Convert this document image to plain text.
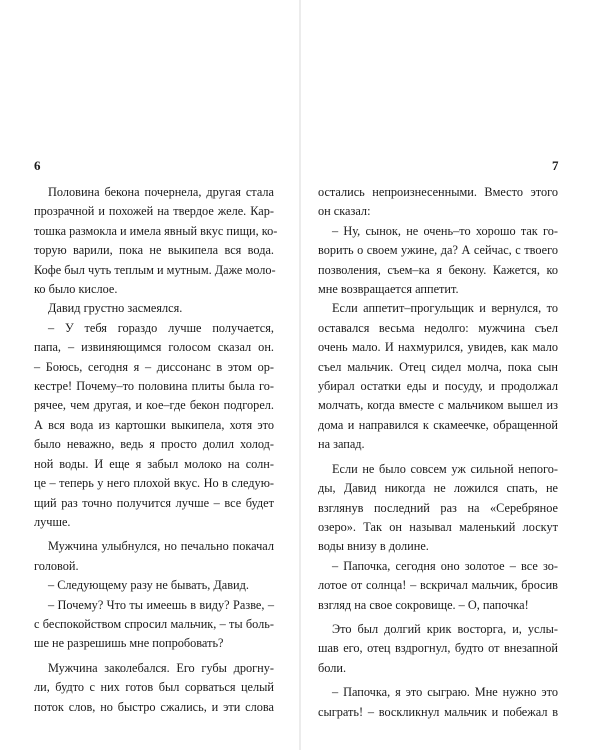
6	7
Половина бекона почернела, другая стала
прозрачной и похожей на твердое желе. Кар-
тошка размокла и имела явный вкус пищи, ко-
торую варили, пока не выкипела вся вода.
Кофе был чуть теплым и мутным. Даже моло-
ко было кислое.
Давид грустно засмеялся.
– У тебя гораздо лучше получается,
папа, – извиняющимся голосом сказал он.
– Боюсь, сегодня я – диссонанс в этом ор-
кестре! Почему–то половина плиты была го-
рячее, чем другая, и кое–где бекон подгорел.
А вся вода из картошки выкипела, хотя это
было неважно, ведь я просто долил холод-
ной воды. И еще я забыл молоко на солн-
це – теперь у него плохой вкус. Но в следую-
щий раз точно получится лучше – все будет
лучше.
Мужчина улыбнулся, но печально покачал
головой.
– Следующему разу не бывать, Давид.
– Почему? Что ты имеешь в виду? Разве, –
с беспокойством спросил мальчик, – ты боль-
ше не разрешишь мне попробовать?
Мужчина заколебался. Его губы дрогну-
ли, будто с них готов был сорваться целый
поток слов, но быстро сжались, и эти слова
остались непроизнесенными. Вместо этого
он сказал:
– Ну, сынок, не очень–то хорошо так го-
ворить о своем ужине, да? А сейчас, с твоего
позволения, съем–ка я бекону. Кажется, ко
мне возвращается аппетит.
Если аппетит–прогульщик и вернулся, то
оставался весьма недолго: мужчина съел
очень мало. И нахмурился, увидев, как мало
съел мальчик. Отец сидел молча, пока сын
убирал остатки еды и посуду, и продолжал
молчать, когда вместе с мальчиком вышел из
дома и направился к скамеечке, обращенной
на запад.
Если не было совсем уж сильной непого-
ды, Давид никогда не ложился спать, не
взглянув последний раз на «Серебряное
озеро». Так он называл маленький лоскут
воды внизу в долине.
– Папочка, сегодня оно золотое – все зо-
лотое от солнца! – вскричал мальчик, бросив
взгляд на свое сокровище. – О, папочка!
Это был долгий крик восторга, и, услы-
шав его, отец вздрогнул, будто от внезапной
боли.
– Папочка, я это сыграю. Мне нужно это
сыграть! – воскликнул мальчик и побежал в
